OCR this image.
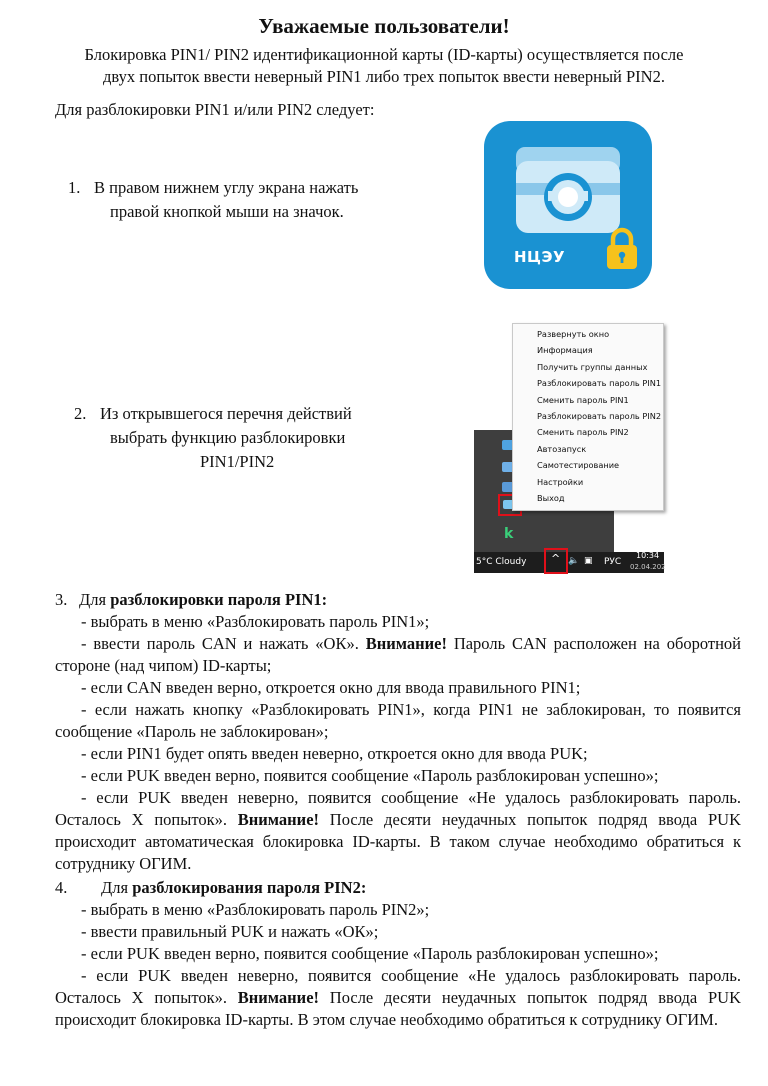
Уважаемые пользователи!
Блокировка PIN1/ PIN2 идентификационной карты (ID-карты) осуществляется после
двух попыток ввести неверный PIN1 либо трех попыток ввести неверный PIN2.
Для разблокировки PIN1 и/или PIN2 следует:
1. В правом нижнем углу экрана нажать
правой кнопкой мыши на значок.
НЦЭУ
2. Из открывшегося перечня действий
выбрать функцию разблокировки
PIN1/PIN2
k
Развернуть окно
Информация
Получить группы данных
Разблокировать пароль PIN1
Сменить пароль PIN1
Разблокировать пароль PIN2
Сменить пароль PIN2
Автозапуск
Самотестирование
Настройки
Выход
5°C Cloudy ^ 🔈 ▣ РУС
10:34
02.04.202
3. Для разблокировки пароля PIN1:
- выбрать в меню «Разблокировать пароль PIN1»;
- ввести пароль CAN и нажать «ОК». Внимание! Пароль CAN расположен на оборотной стороне (над чипом) ID-карты;
- если CAN введен верно, откроется окно для ввода правильного PIN1;
- если нажать кнопку «Разблокировать PIN1», когда PIN1 не заблокирован, то появится сообщение «Пароль не заблокирован»;
- если PIN1 будет опять введен неверно, откроется окно для ввода PUK;
- если PUK введен верно, появится сообщение «Пароль разблокирован успешно»;
- если PUK введен неверно, появится сообщение «Не удалось разблокировать пароль. Осталось X попыток». Внимание! После десяти неудачных попыток подряд ввода PUK происходит автоматическая блокировка ID-карты. В таком случае необходимо обратиться к сотруднику ОГИМ.
4. Для разблокирования пароля PIN2:
- выбрать в меню «Разблокировать пароль PIN2»;
- ввести правильный PUK и нажать «ОК»;
- если PUK введен верно, появится сообщение «Пароль разблокирован успешно»;
- если PUK введен неверно, появится сообщение «Не удалось разблокировать пароль. Осталось X попыток». Внимание! После десяти неудачных попыток подряд ввода PUK происходит блокировка ID-карты. В этом случае необходимо обратиться к сотруднику ОГИМ.
